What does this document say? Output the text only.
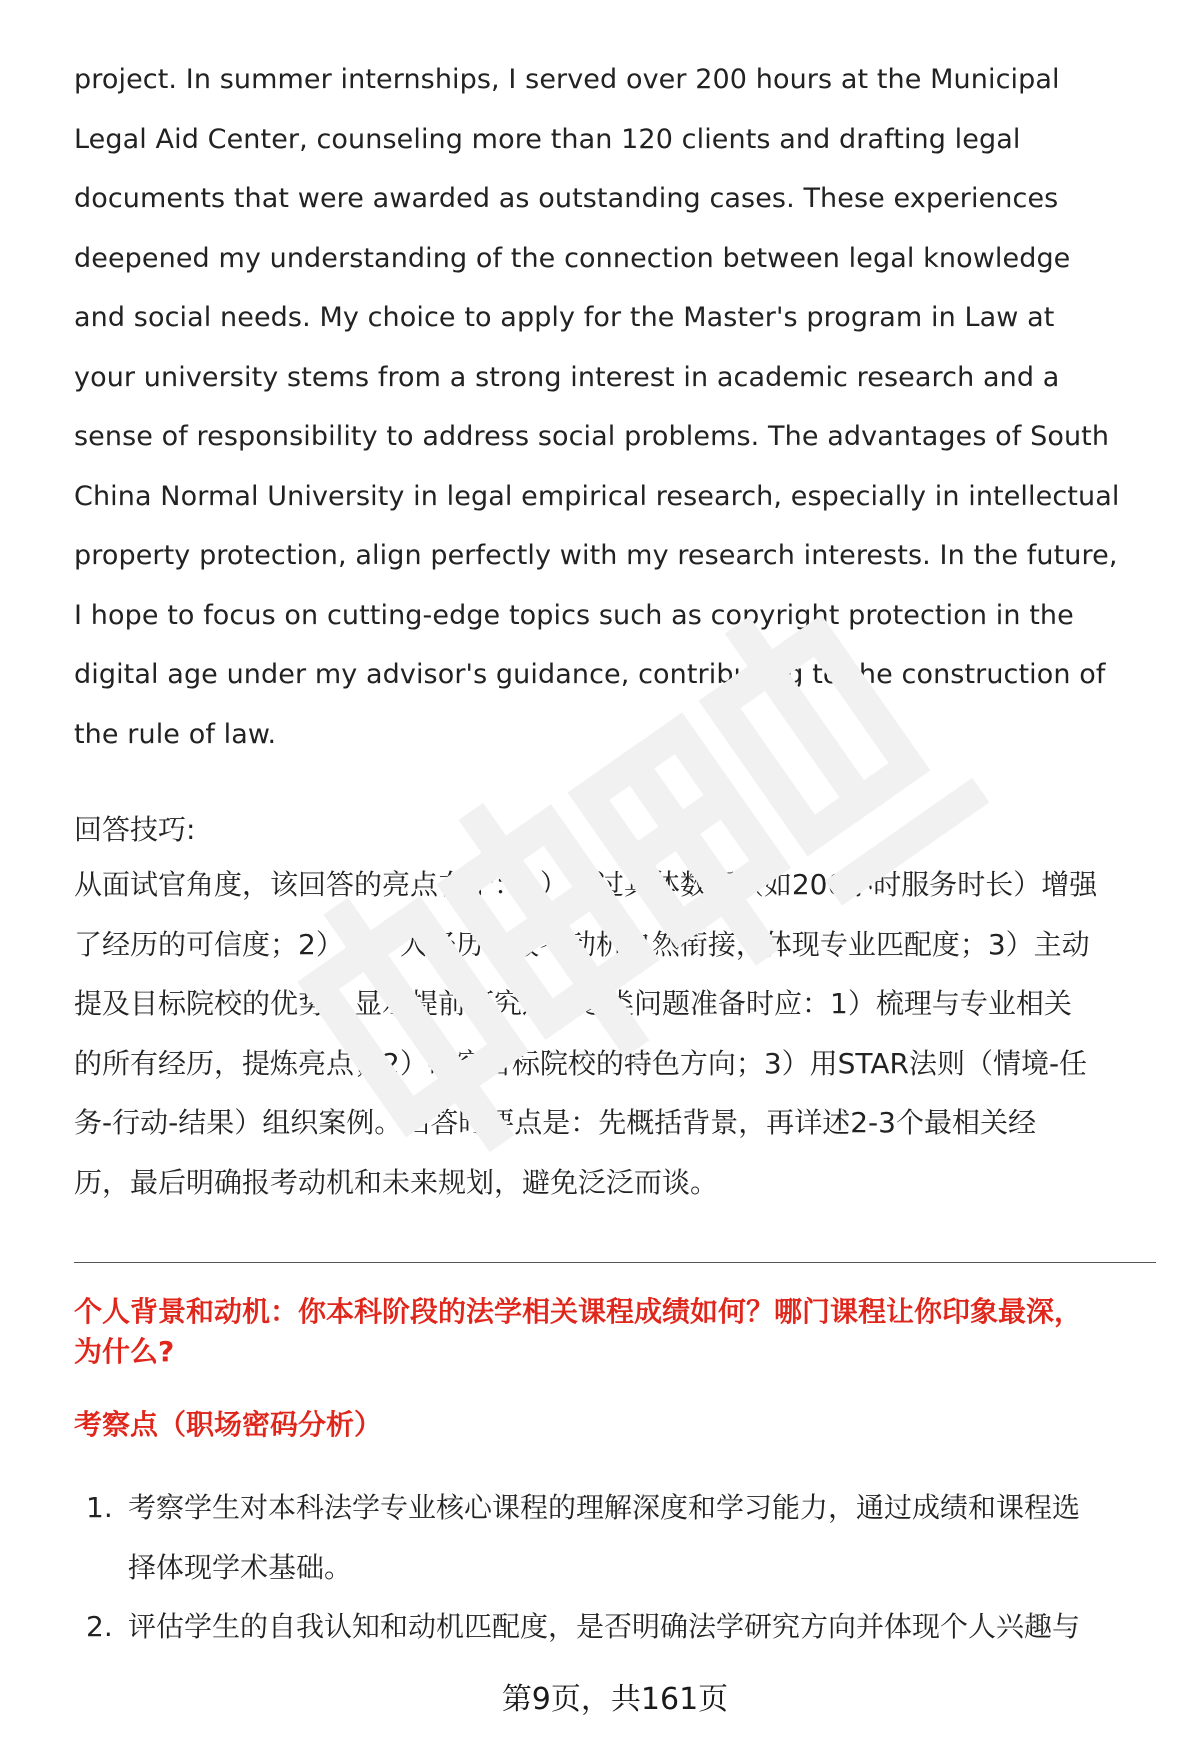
project. In summer internships, I served over 200 hours at the Municipal
Legal Aid Center, counseling more than 120 clients and drafting legal
documents that were awarded as outstanding cases. These experiences
deepened my understanding of the connection between legal knowledge
and social needs. My choice to apply for the Master's program in Law at
your university stems from a strong interest in academic research and a
sense of responsibility to address social problems. The advantages of South
China Normal University in legal empirical research, especially in intellectual
property protection, align perfectly with my research interests. In the future,
I hope to focus on cutting-edge topics such as copyright protection in the
digital age under my advisor's guidance, contributing to the construction of
the rule of law.
回答技巧:
从面试官角度，该回答的亮点在于：1）通过具体数据（如200小时服务时长）增强
了经历的可信度；2）将个人经历与报考动机自然衔接，体现专业匹配度；3）主动
提及目标院校的优势，显示提前研究过。这类问题准备时应：1）梳理与专业相关
的所有经历，提炼亮点；2）研究目标院校的特色方向；3）用STAR法则（情境-任
务-行动-结果）组织案例。回答时要点是：先概括背景，再详述2-3个最相关经
历，最后明确报考动机和未来规划，避免泛泛而谈。
个人背景和动机：你本科阶段的法学相关课程成绩如何？哪门课程让你印象最深，
为什么?
考察点（职场密码分析）
1. 考察学生对本科法学专业核心课程的理解深度和学习能力，通过成绩和课程选
择体现学术基础。
2. 评估学生的自我认知和动机匹配度，是否明确法学研究方向并体现个人兴趣与
第9页，共161页
